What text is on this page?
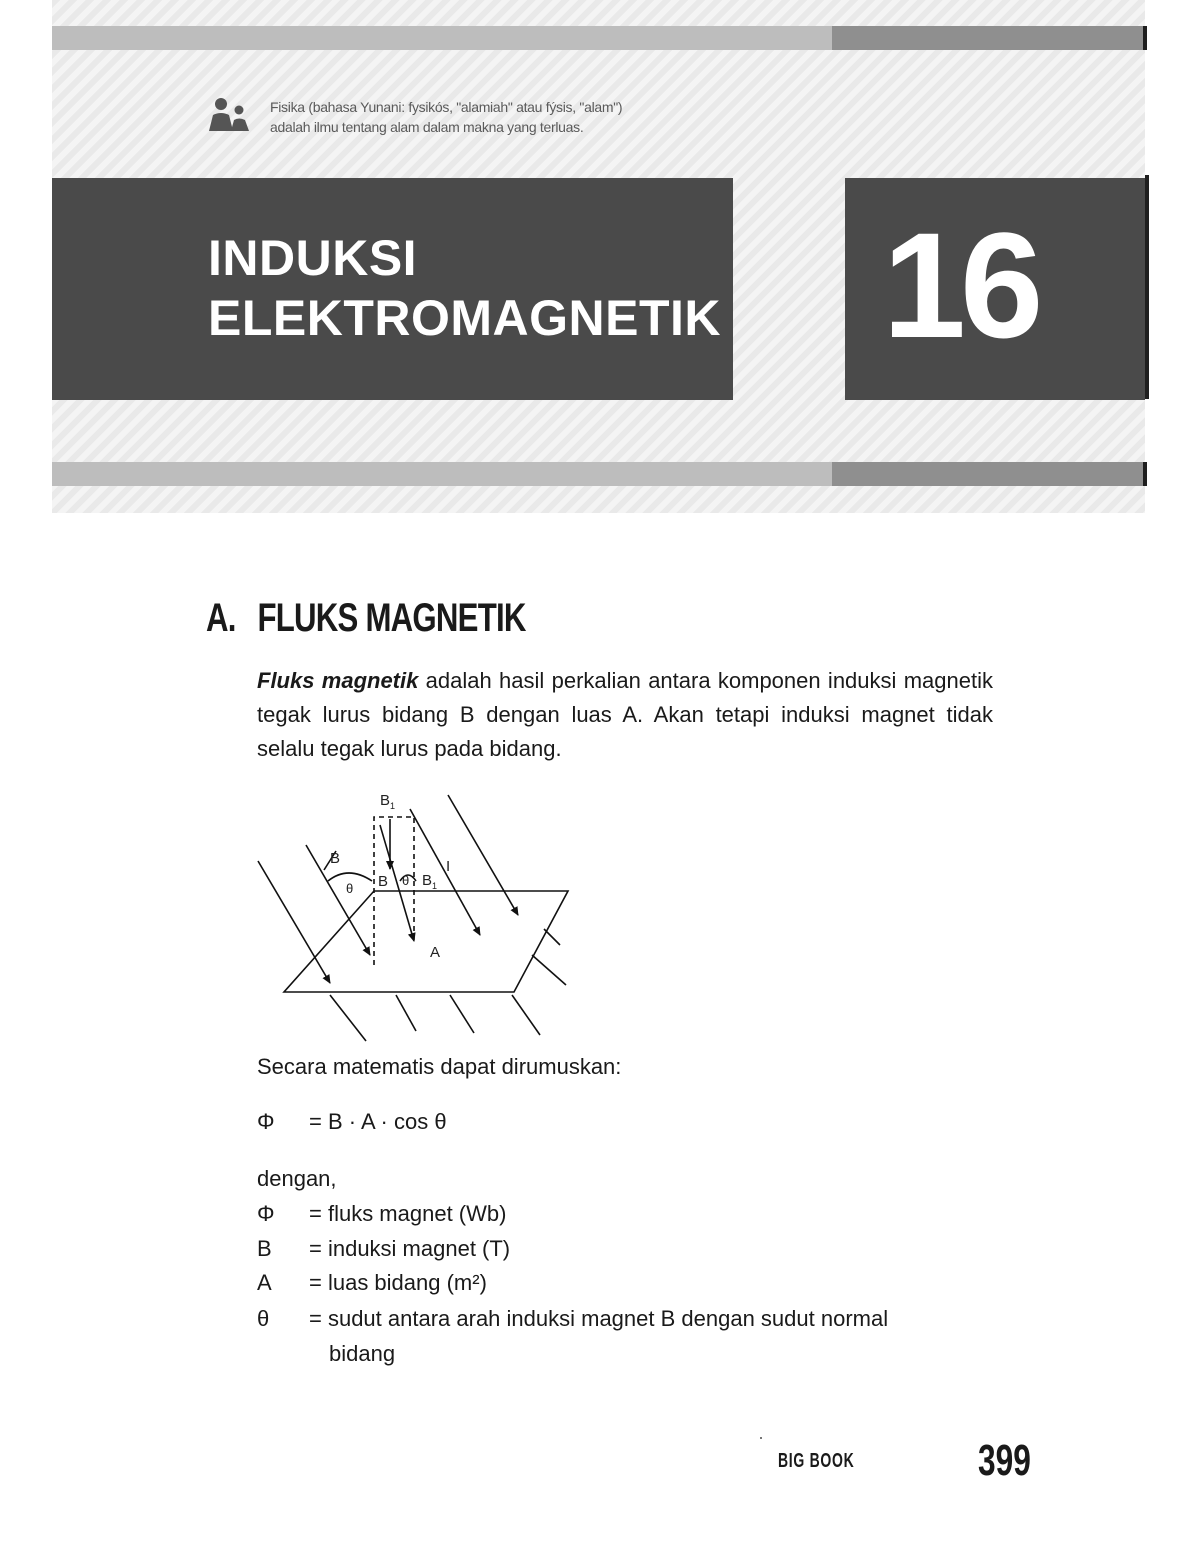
Fisika (bahasa Yunani: fysikós, "alamiah" atau fýsis, "alam")
adalah ilmu tentang alam dalam makna yang terluas.
INDUKSI
ELEKTROMAGNETIK 16
A. FLUKS MAGNETIK
Fluks magnetik adalah hasil perkalian antara komponen induksi magnetik tegak lurus bidang B dengan luas A. Akan tetapi induksi magnet tidak selalu tegak lurus pada bidang.
$B_1$
B
θ B θ $B_1$
I
A
Secara matematis dapat dirumuskan:
Φ = B · A · cos θ
dengan,
Φ = fluks magnet (Wb)
B = induksi magnet (T)
A = luas bidang (m²)
θ = sudut antara arah induksi magnet B dengan sudut normal
bidang
BIG BOOK	399
